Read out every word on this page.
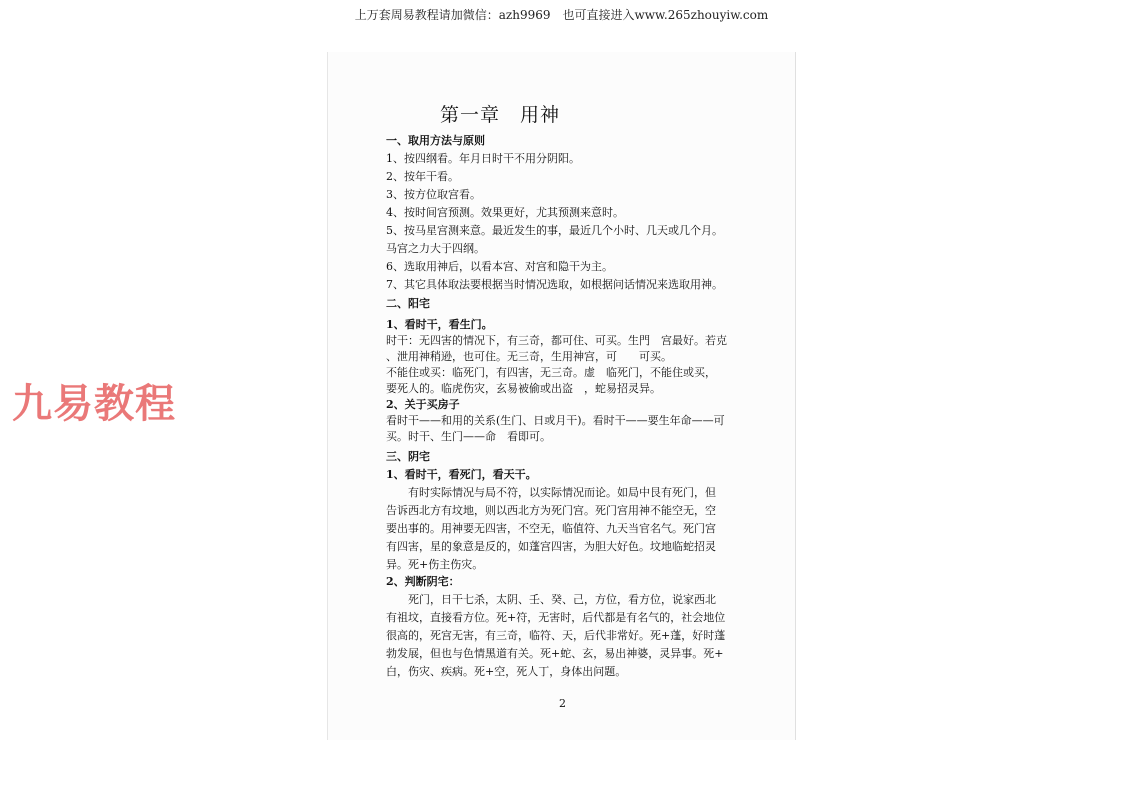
上万套周易教程请加微信：azh9969　也可直接进入www.265zhouyiw.com
九易教程
第一章　用神
一、取用方法与原则
1、按四纲看。年月日时干不用分阴阳。
2、按年干看。
3、按方位取宫看。
4、按时间宫预测。效果更好，尤其预测来意时。
5、按马星宫测来意。最近发生的事，最近几个小时、几天或几个月。
马宫之力大于四纲。
6、选取用神后，以看本宫、对宫和隐干为主。
7、其它具体取法要根据当时情况选取，如根据问话情况来选取用神。
二、阳宅
1、看时干，看生门。
时干：无四害的情况下，有三奇，都可住、可买。生門　宫最好。若克
、泄用神稍逊，也可住。无三奇，生用神宫，可　　可买。
不能住或买：临死门，有四害，无三奇。虚　临死门，不能住或买，
要死人的。临虎伤灾，玄易被偷或出盗　，蛇易招灵异。
2、关于买房子
看时干——和用的关系(生门、日或月干)。看时干——要生年命——可
买。时干、生门——命　看即可。
三、阴宅
1、看时干，看死门，看天干。
有时实际情况与局不符，以实际情况而论。如局中艮有死门，但
告诉西北方有坟地，则以西北方为死门宫。死门宫用神不能空无，空
要出事的。用神要无四害，不空无，临值符、九天当官名气。死门宫
有四害，星的象意是反的，如蓬宫四害，为胆大好色。坟地临蛇招灵
异。死+伤主伤灾。
2、判断阴宅：
死门，日干七杀，太阴、壬、癸、己，方位，看方位，说家西北
有祖坟，直接看方位。死+符，无害时，后代都是有名气的，社会地位
很高的，死宫无害，有三奇，临符、天，后代非常好。死+蓬，好时蓬
勃发展，但也与色情黑道有关。死+蛇、玄，易出神婆，灵异事。死+
白，伤灾、疾病。死+空，死人丁，身体出问题。
2
